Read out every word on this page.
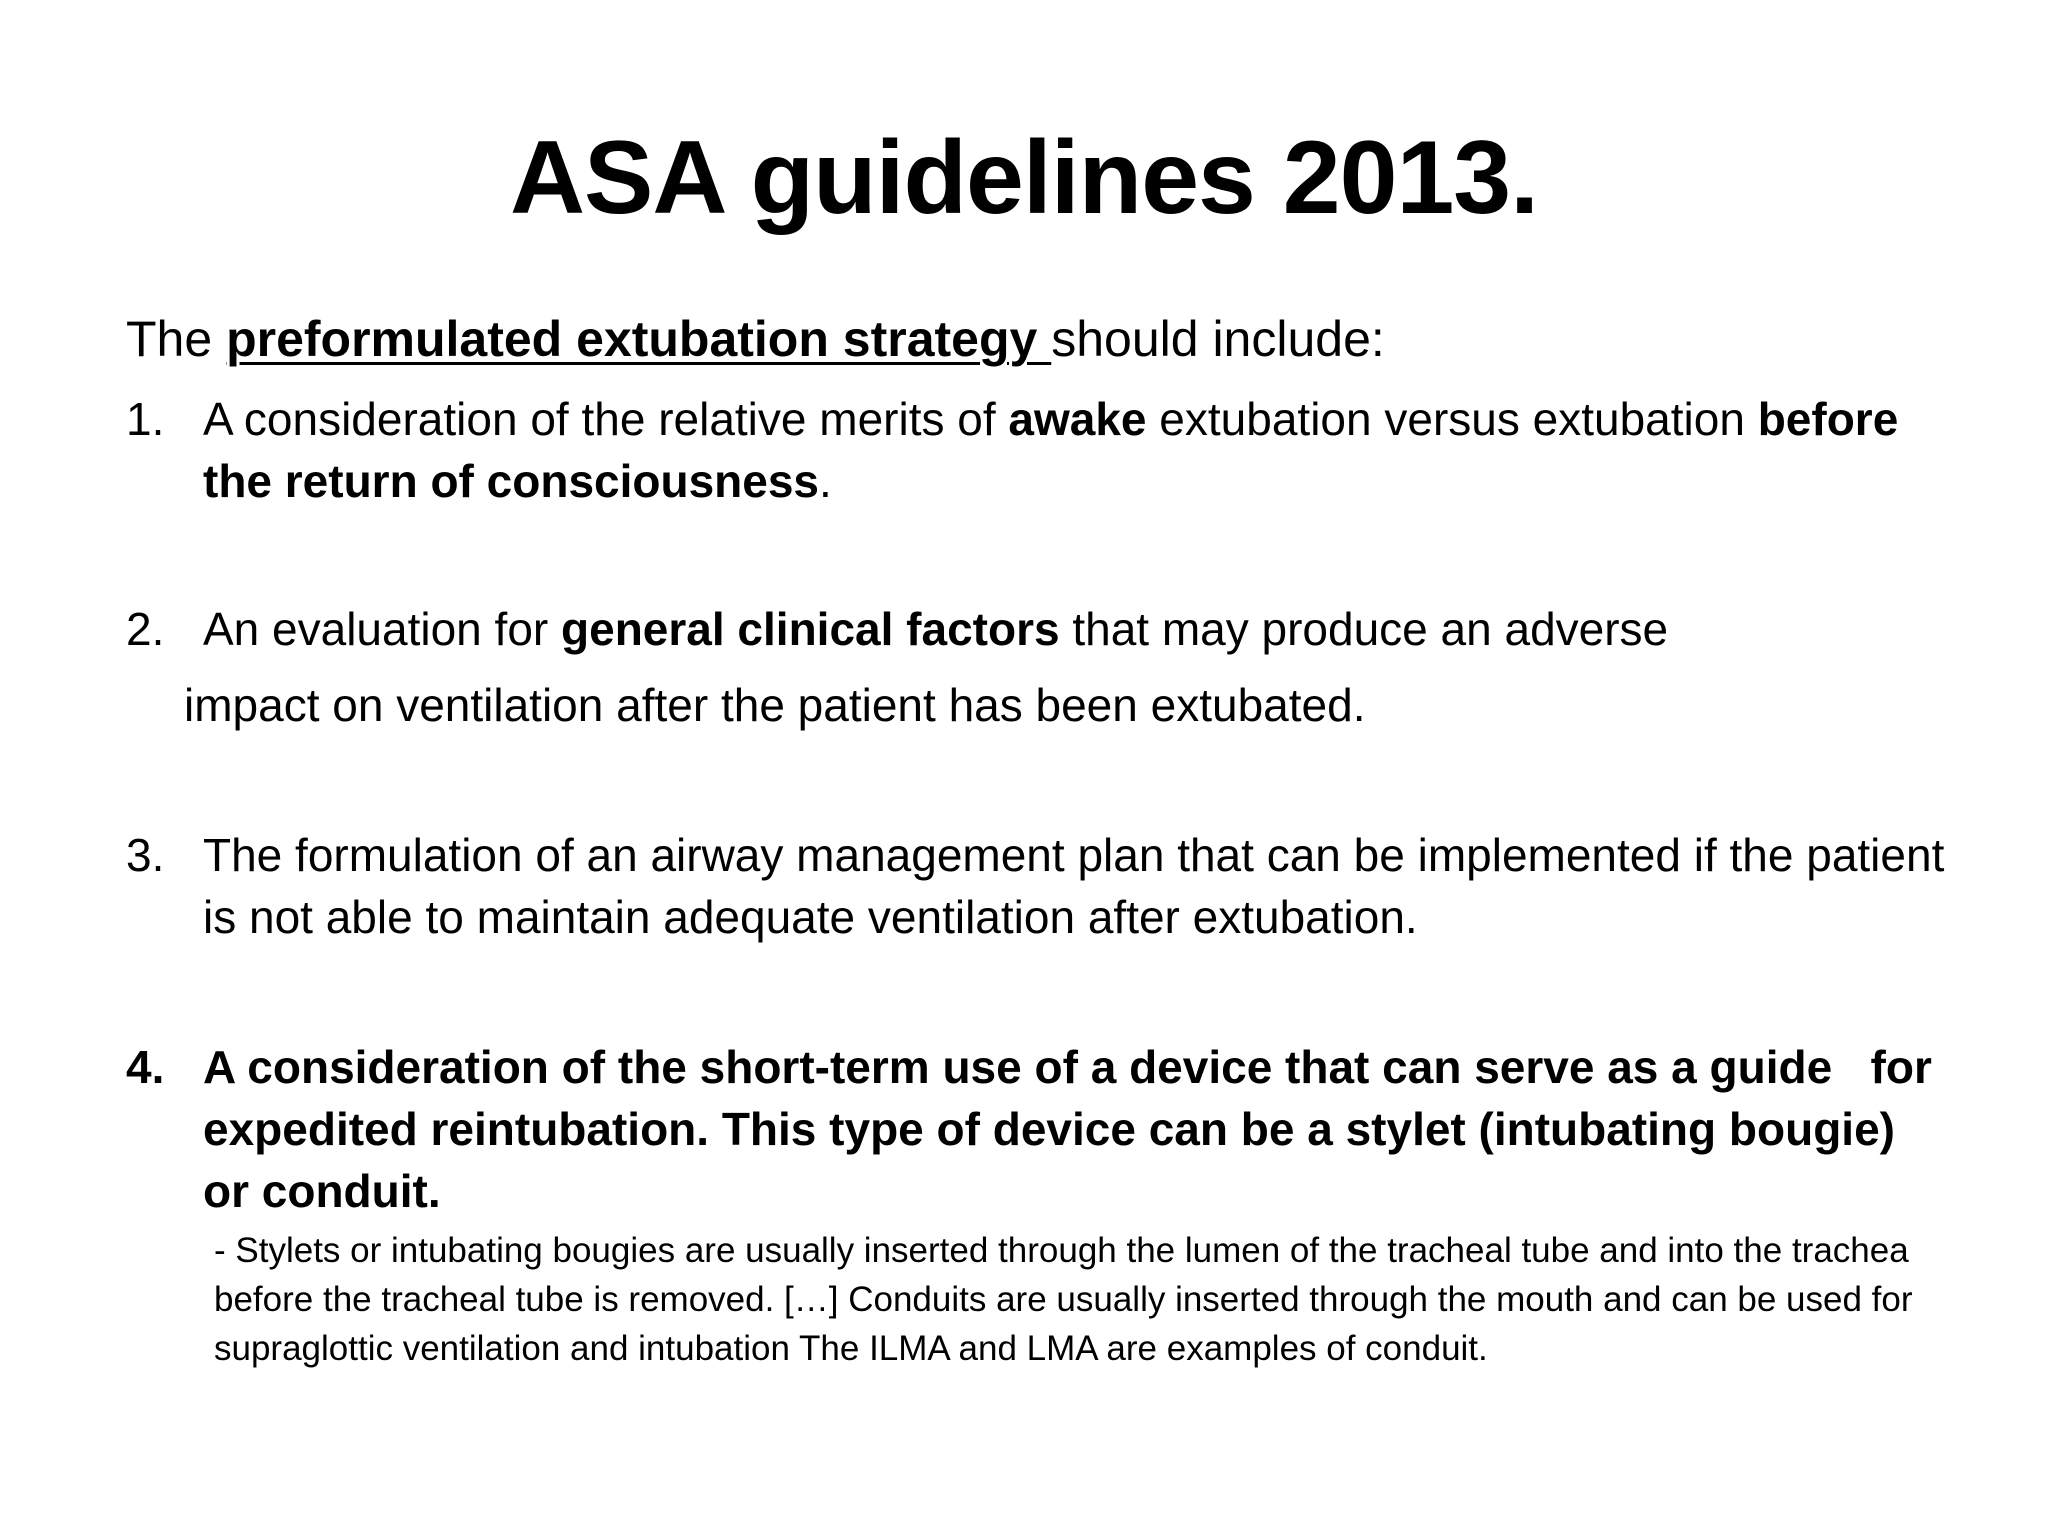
ASA guidelines 2013.
The preformulated extubation strategy should include:
1. A consideration of the relative merits of awake extubation versus extubation before the return of consciousness.
2. An evaluation for general clinical factors that may produce an adverse
impact on ventilation after the patient has been extubated.
3. The formulation of an airway management plan that can be implemented if the patient is not able to maintain adequate ventilation after extubation.
4. A consideration of the short-term use of a device that can serve as a guide   for expedited reintubation. This type of device can be a stylet (intubating bougie) or conduit.
- Stylets or intubating bougies are usually inserted through the lumen of the tracheal tube and into the trachea before the tracheal tube is removed. […] Conduits are usually inserted through the mouth and can be used for supraglottic ventilation and intubation The ILMA and LMA are examples of conduit.
